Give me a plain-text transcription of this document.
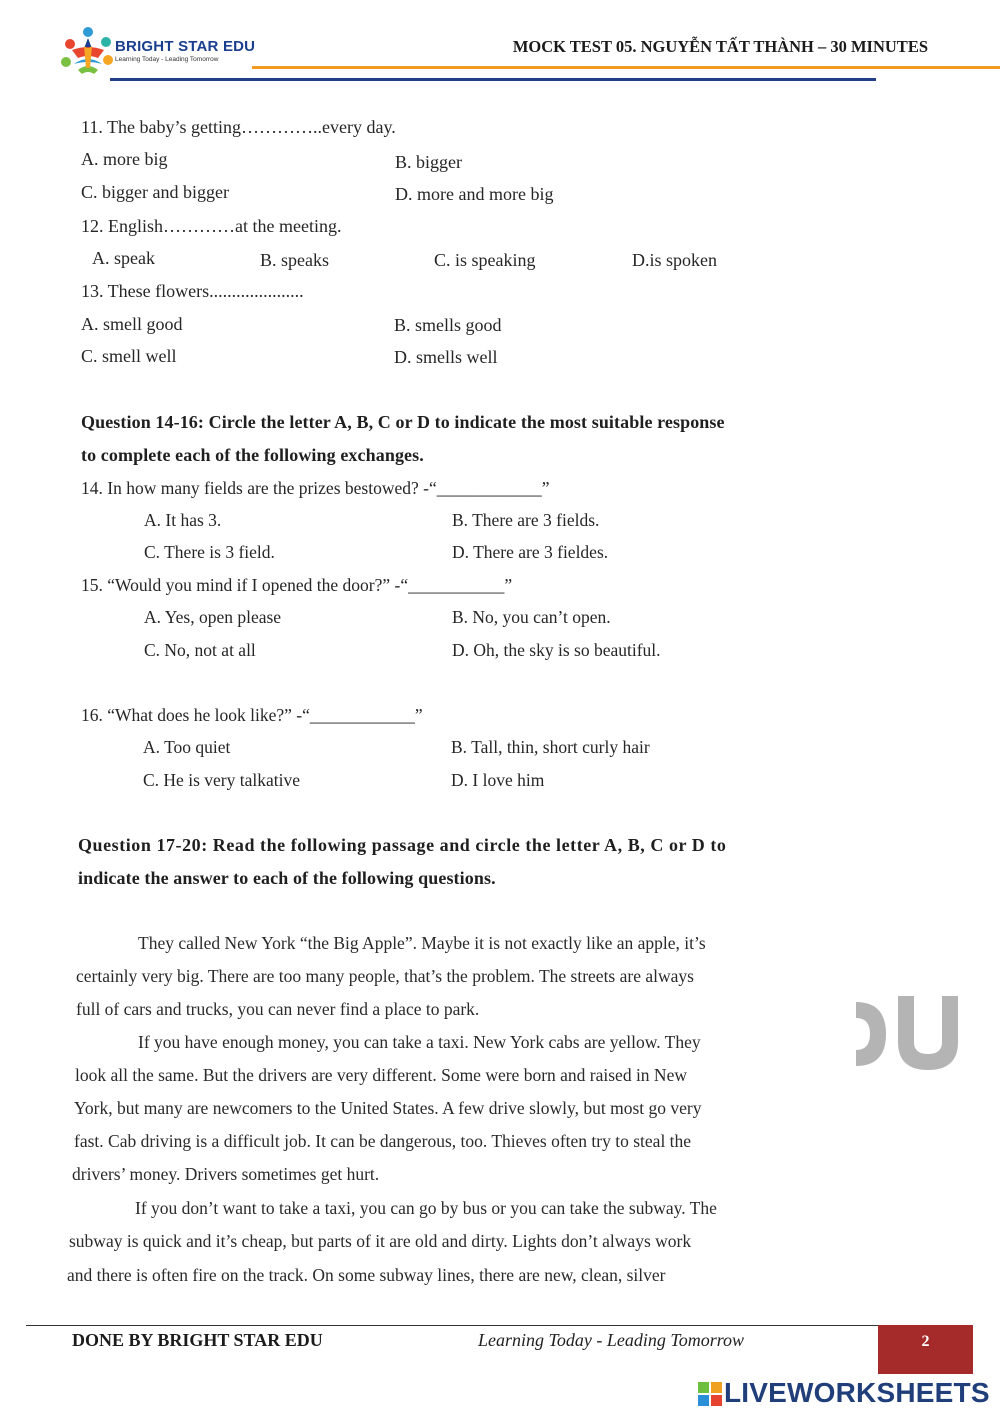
BRIGHT STAR EDU
Learning Today - Leading Tomorrow
MOCK TEST 05. NGUYỄN TẤT THÀNH – 30 MINUTES
11. The baby’s getting…………..every day.
A. more big	B. bigger
C. bigger and bigger	D. more and more big
12. English…………at the meeting.
A. speak	B. speaks	C. is speaking	D.is spoken
13. These flowers.....................
A. smell good	B. smells good
C. smell well	D. smells well
Question 14-16: Circle the letter A, B, C or D to indicate the most suitable response
to complete each of the following exchanges.
14. In how many fields are the prizes bestowed? -“____________”
A. It has 3.	B. There are 3 fields.
C. There is 3 field.	D. There are 3 fieldes.
15. “Would you mind if I opened the door?” -“___________”
A. Yes, open please	B. No, you can’t open.
C. No, not at all	D. Oh, the sky is so beautiful.
16. “What does he look like?” -“____________”
A. Too quiet	B. Tall, thin, short curly hair
C. He is very talkative	D. I love him
Question 17-20: Read the following passage and circle the letter A, B, C or D to
indicate the answer to each of the following questions.
They called New York “the Big Apple”. Maybe it is not exactly like an apple, it’s
certainly very big. There are too many people, that’s the problem. The streets are always
full of cars and trucks, you can never find a place to park.
If you have enough money, you can take a taxi. New York cabs are yellow. They
look all the same. But the drivers are very different. Some were born and raised in New
York, but many are newcomers to the United States. A few drive slowly, but most go very
fast. Cab driving is a difficult job. It can be dangerous, too. Thieves often try to steal the
drivers’ money. Drivers sometimes get hurt.
If you don’t want to take a taxi, you can go by bus or you can take the subway. The
subway is quick and it’s cheap, but parts of it are old and dirty. Lights don’t always work
and there is often fire on the track. On some subway lines, there are new, clean, silver
DONE BY BRIGHT STAR EDU	Learning Today - Leading Tomorrow	2
LIVEWORKSHEETS
